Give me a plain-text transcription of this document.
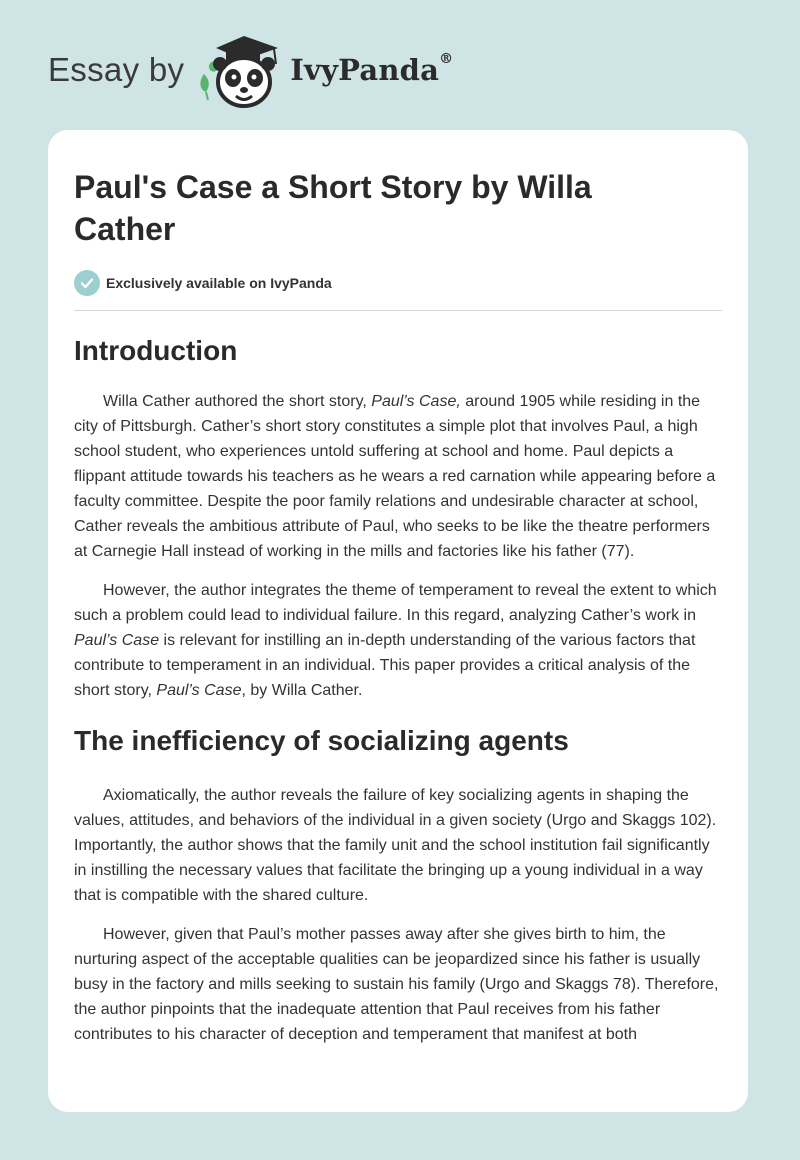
Essay by	IvyPanda®
Paul's Case a Short Story by Willa Cather
Exclusively available on IvyPanda
Introduction

Willa Cather authored the short story, Paul’s Case, around 1905 while residing in the city of Pittsburgh. Cather’s short story constitutes a simple plot that involves Paul, a high school student, who experiences untold suffering at school and home. Paul depicts a flippant attitude towards his teachers as he wears a red carnation while appearing before a faculty committee. Despite the poor family relations and undesirable character at school, Cather reveals the ambitious attribute of Paul, who seeks to be like the theatre performers at Carnegie Hall instead of working in the mills and factories like his father (77).

However, the author integrates the theme of temperament to reveal the extent to which such a problem could lead to individual failure. In this regard, analyzing Cather’s work in Paul’s Case is relevant for instilling an in-depth understanding of the various factors that contribute to temperament in an individual. This paper provides a critical analysis of the short story, Paul’s Case, by Willa Cather.

The inefficiency of socializing agents

Axiomatically, the author reveals the failure of key socializing agents in shaping the values, attitudes, and behaviors of the individual in a given society (Urgo and Skaggs 102). Importantly, the author shows that the family unit and the school institution fail significantly in instilling the necessary values that facilitate the bringing up a young individual in a way that is compatible with the shared culture.

However, given that Paul’s mother passes away after she gives birth to him, the nurturing aspect of the acceptable qualities can be jeopardized since his father is usually busy in the factory and mills seeking to sustain his family (Urgo and Skaggs 78). Therefore, the author pinpoints that the inadequate attention that Paul receives from his father contributes to his character of deception and temperament that manifest at both
